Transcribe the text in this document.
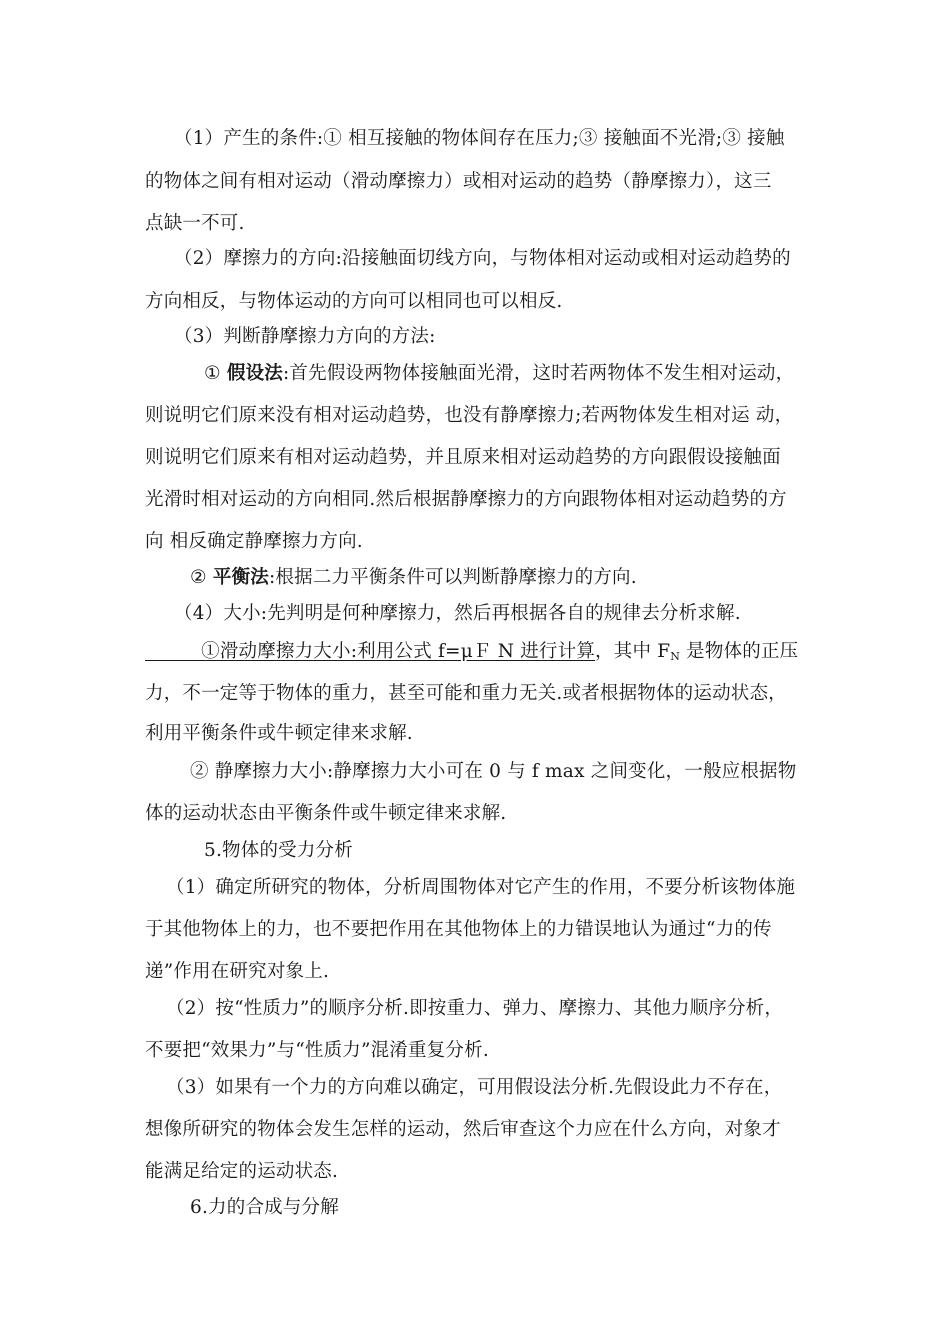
（1）产生的条件:① 相互接触的物体间存在压力;③ 接触面不光滑;③ 接触

的物体之间有相对运动（滑动摩擦力）或相对运动的趋势（静摩擦力），这三

点缺一不可.

（2）摩擦力的方向:沿接触面切线方向，与物体相对运动或相对运动趋势的

方向相反，与物体运动的方向可以相同也可以相反.

（3）判断静摩擦力方向的方法:

① 假设法:首先假设两物体接触面光滑，这时若两物体不发生相对运动，

则说明它们原来没有相对运动趋势，也没有静摩擦力;若两物体发生相对运 动，

则说明它们原来有相对运动趋势，并且原来相对运动趋势的方向跟假设接触面

光滑时相对运动的方向相同.然后根据静摩擦力的方向跟物体相对运动趋势的方

向 相反确定静摩擦力方向.

② 平衡法:根据二力平衡条件可以判断静摩擦力的方向.

（4）大小:先判明是何种摩擦力，然后再根据各自的规律去分析求解.

　　　①滑动摩擦力大小:利用公式 f=μＦ N 进行计算，其中 $F_N$ 是物体的正压

力，不一定等于物体的重力，甚至可能和重力无关.或者根据物体的运动状态，

利用平衡条件或牛顿定律来求解.

② 静摩擦力大小:静摩擦力大小可在 0 与 f max 之间变化，一般应根据物

体的运动状态由平衡条件或牛顿定律来求解.

5.物体的受力分析

（1）确定所研究的物体，分析周围物体对它产生的作用，不要分析该物体施

于其他物体上的力，也不要把作用在其他物体上的力错误地认为通过“力的传

递”作用在研究对象上.

（2）按“性质力”的顺序分析.即按重力、弹力、摩擦力、其他力顺序分析，

不要把“效果力”与“性质力”混淆重复分析.

（3）如果有一个力的方向难以确定，可用假设法分析.先假设此力不存在，

想像所研究的物体会发生怎样的运动，然后审查这个力应在什么方向，对象才

能满足给定的运动状态.

6.力的合成与分解
